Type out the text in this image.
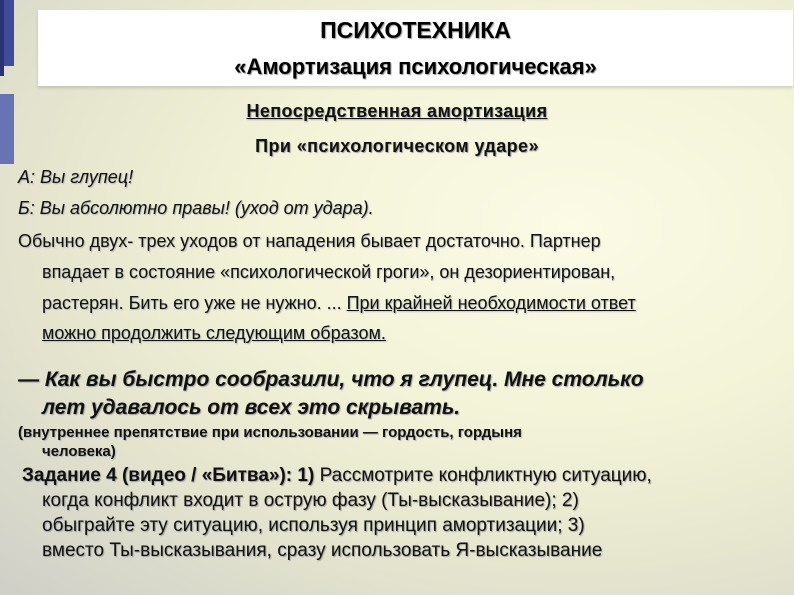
ПСИХОТЕХНИКА
«Амортизация психологическая»
Непосредственная амортизация
При «психологическом ударе»
А: Вы глупец!
Б: Вы абсолютно правы! (уход от удара).
Обычно двух‑ трех уходов от нападения бывает достаточно. Партнер
впадает в состояние «психологической гроги», он дезориентирован,
растерян. Бить его уже не нужно. ... При крайней необходимости ответ
можно продолжить следующим образом.
— Как вы быстро сообразили, что я глупец. Мне столько
лет удавалось от всех это скрывать.
(внутреннее препятствие при использовании — гордость, гордыня
человека)
Задание 4 (видео / «Битва»): 1) Рассмотрите конфликтную ситуацию,
когда конфликт входит в острую фазу (Ты-высказывание); 2)
обыграйте эту ситуацию, используя принцип амортизации; 3)
вместо Ты-высказывания, сразу использовать Я-высказывание
